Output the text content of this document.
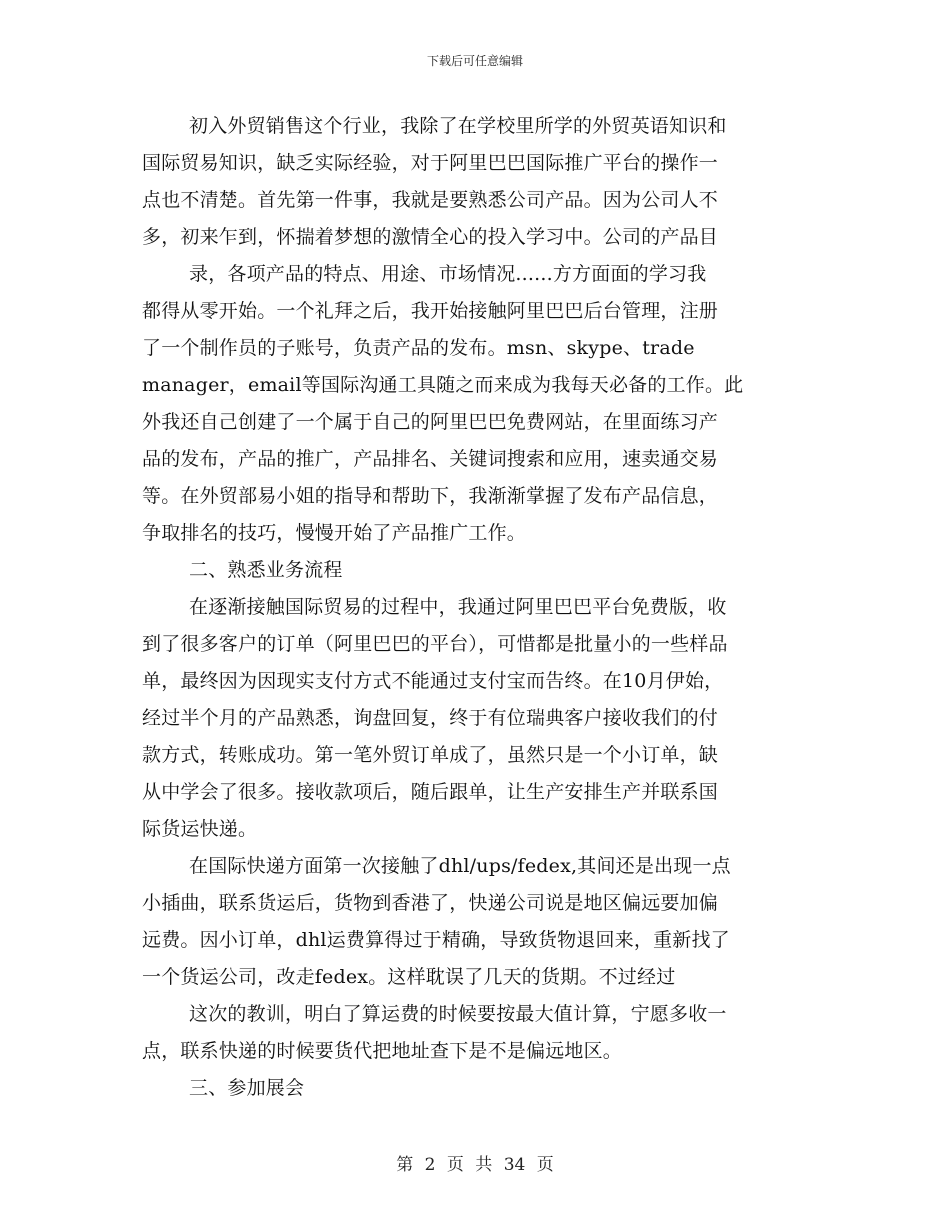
下载后可任意编辑
初入外贸销售这个行业，我除了在学校里所学的外贸英语知识和
国际贸易知识，缺乏实际经验，对于阿里巴巴国际推广平台的操作一
点也不清楚。首先第一件事，我就是要熟悉公司产品。因为公司人不
多，初来乍到，怀揣着梦想的激情全心的投入学习中。公司的产品目
录，各项产品的特点、用途、市场情况......方方面面的学习我
都得从零开始。一个礼拜之后，我开始接触阿里巴巴后台管理，注册
了一个制作员的子账号，负责产品的发布。msn、skype、trade
manager，email等国际沟通工具随之而来成为我每天必备的工作。此
外我还自己创建了一个属于自己的阿里巴巴免费网站，在里面练习产
品的发布，产品的推广，产品排名、关键词搜索和应用，速卖通交易
等。在外贸部易小姐的指导和帮助下，我渐渐掌握了发布产品信息，
争取排名的技巧，慢慢开始了产品推广工作。
二、熟悉业务流程
在逐渐接触国际贸易的过程中，我通过阿里巴巴平台免费版，收
到了很多客户的订单（阿里巴巴的平台），可惜都是批量小的一些样品
单，最终因为因现实支付方式不能通过支付宝而告终。在10月伊始，
经过半个月的产品熟悉，询盘回复，终于有位瑞典客户接收我们的付
款方式，转账成功。第一笔外贸订单成了，虽然只是一个小订单，缺
从中学会了很多。接收款项后，随后跟单，让生产安排生产并联系国
际货运快递。
在国际快递方面第一次接触了dhl/ups/fedex,其间还是出现一点
小插曲，联系货运后，货物到香港了，快递公司说是地区偏远要加偏
远费。因小订单，dhl运费算得过于精确，导致货物退回来，重新找了
一个货运公司，改走fedex。这样耽误了几天的货期。不过经过
这次的教训，明白了算运费的时候要按最大值计算，宁愿多收一
点，联系快递的时候要货代把地址查下是不是偏远地区。
三、参加展会
第 2 页 共 34 页
